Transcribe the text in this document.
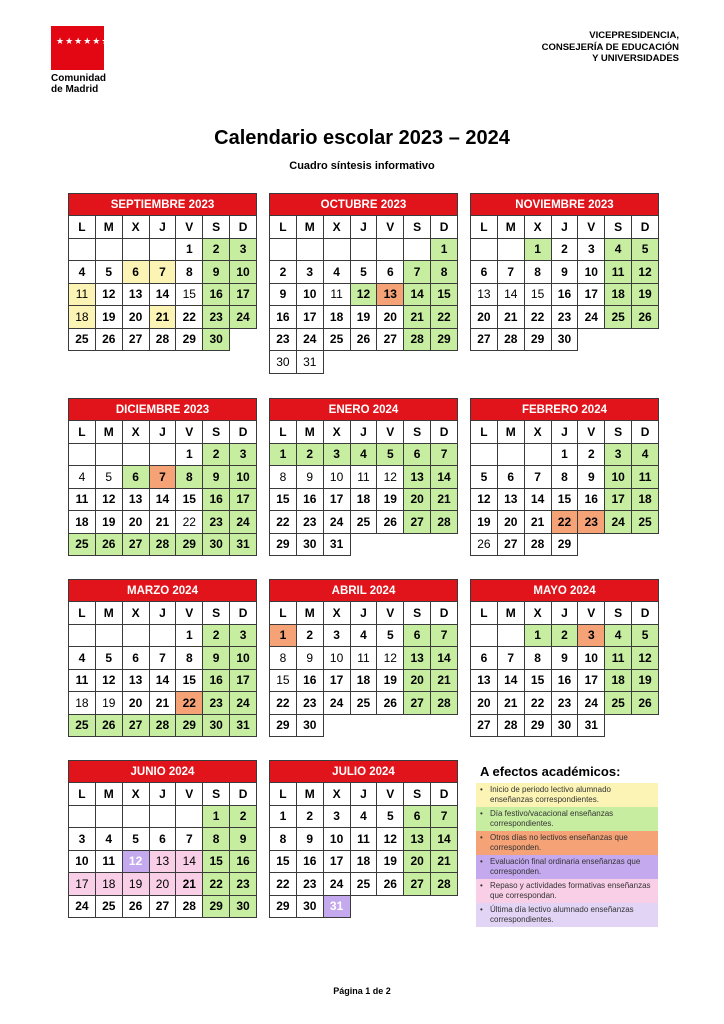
★★★★★★★
Comunidad
de Madrid
VICEPRESIDENCIA,
CONSEJERÍA DE EDUCACIÓN
Y UNIVERSIDADES
Calendario escolar 2023 – 2024
Cuadro síntesis informativo
SEPTIEMBRE 2023						
L	M	X	J	V	S	D
				1	2	3
4	5	6	7	8	9	10
11	12	13	14	15	16	17
18	19	20	21	22	23	24
25	26	27	28	29	30	
OCTUBRE 2023						
L	M	X	J	V	S	D
						1
2	3	4	5	6	7	8
9	10	11	12	13	14	15
16	17	18	19	20	21	22
23	24	25	26	27	28	29
30	31					
NOVIEMBRE 2023						
L	M	X	J	V	S	D
		1	2	3	4	5
6	7	8	9	10	11	12
13	14	15	16	17	18	19
20	21	22	23	24	25	26
27	28	29	30			
DICIEMBRE 2023						
L	M	X	J	V	S	D
				1	2	3
4	5	6	7	8	9	10
11	12	13	14	15	16	17
18	19	20	21	22	23	24
25	26	27	28	29	30	31
ENERO 2024						
L	M	X	J	V	S	D
1	2	3	4	5	6	7
8	9	10	11	12	13	14
15	16	17	18	19	20	21
22	23	24	25	26	27	28
29	30	31				
FEBRERO 2024						
L	M	X	J	V	S	D
			1	2	3	4
5	6	7	8	9	10	11
12	13	14	15	16	17	18
19	20	21	22	23	24	25
26	27	28	29			
MARZO 2024						
L	M	X	J	V	S	D
				1	2	3
4	5	6	7	8	9	10
11	12	13	14	15	16	17
18	19	20	21	22	23	24
25	26	27	28	29	30	31
ABRIL 2024						
L	M	X	J	V	S	D
1	2	3	4	5	6	7
8	9	10	11	12	13	14
15	16	17	18	19	20	21
22	23	24	25	26	27	28
29	30					
MAYO 2024						
L	M	X	J	V	S	D
		1	2	3	4	5
6	7	8	9	10	11	12
13	14	15	16	17	18	19
20	21	22	23	24	25	26
27	28	29	30	31		
JUNIO 2024						
L	M	X	J	V	S	D
					1	2
3	4	5	6	7	8	9
10	11	12	13	14	15	16
17	18	19	20	21	22	23
24	25	26	27	28	29	30
JULIO 2024						
L	M	X	J	V	S	D
1	2	3	4	5	6	7
8	9	10	11	12	13	14
15	16	17	18	19	20	21
22	23	24	25	26	27	28
29	30	31				
A efectos académicos:
• Inicio de periodo lectivo alumnado enseñanzas correspondientes.
• Día festivo/vacacional enseñanzas correspondientes.
• Otros días no lectivos enseñanzas que corresponden.
• Evaluación final ordinaria enseñanzas que corresponden.
• Repaso y actividades formativas enseñanzas que correspondan.
• Última día lectivo alumnado enseñanzas correspondientes.
Página 1 de 2
